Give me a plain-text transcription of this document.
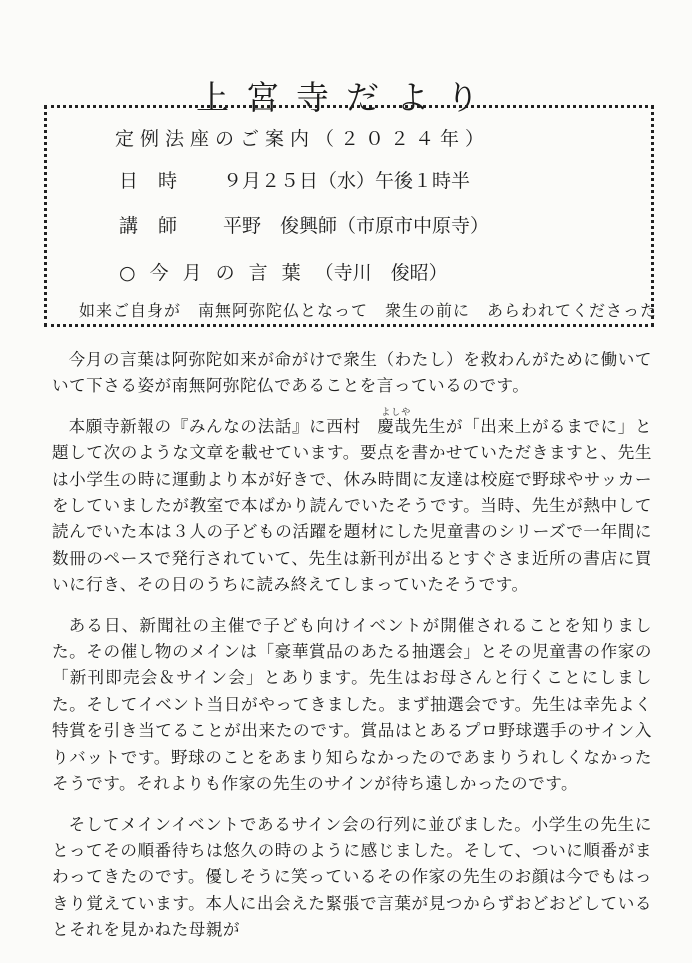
上宮寺だより
定例法座のご案内（２０２４年）
日時 ９月２５日（水）午後１時半
講師 平野　俊興師（市原市中原寺）
○今月の言葉（寺川　俊昭）
如来ご自身が　南無阿弥陀仏となって　衆生の前に　あらわれてくださった

今月の言葉は阿弥陀如来が命がけで衆生（わたし）を救わんがために働いていて下さる姿が南無阿弥陀仏であることを言っているのです。

本願寺新報の『みんなの法話』に西村
よしや
慶哉先生が「出来上がるまでに」と題して次のような文章を載せています。要点を書かせていただきますと、先生は小学生の時に運動より本が好きで、休み時間に友達は校庭で野球やサッカーをしていましたが教室で本ばかり読んでいたそうです。当時、先生が熱中して読んでいた本は３人の子どもの活躍を題材にした児童書のシリーズで一年間に数冊のペースで発行されていて、先生は新刊が出るとすぐさま近所の書店に買いに行き、その日のうちに読み終えてしまっていたそうです。

ある日、新聞社の主催で子ども向けイベントが開催されることを知りました。その催し物のメインは「豪華賞品のあたる抽選会」とその児童書の作家の「新刊即売会＆サイン会」とあります。先生はお母さんと行くことにしました。そしてイベント当日がやってきました。まず抽選会です。先生は幸先よく特賞を引き当てることが出来たのです。賞品はとあるプロ野球選手のサイン入りバットです。野球のことをあまり知らなかったのであまりうれしくなかったそうです。それよりも作家の先生のサインが待ち遠しかったのです。

そしてメインイベントであるサイン会の行列に並びました。小学生の先生にとってその順番待ちは悠久の時のように感じました。そして、ついに順番がまわってきたのです。優しそうに笑っているその作家の先生のお顔は今でもはっきり覚えています。本人に出会えた緊張で言葉が見つからずおどおどしているとそれを見かねた母親が
